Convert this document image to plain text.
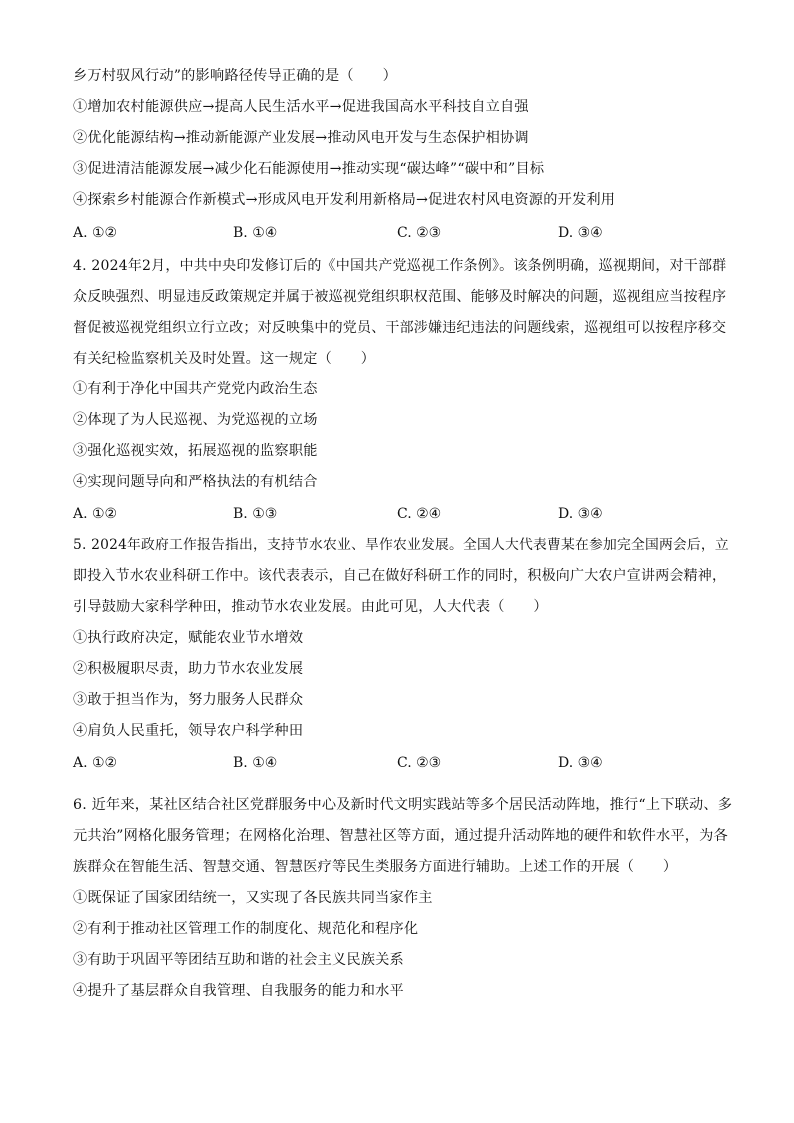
乡万村驭风行动”的影响路径传导正确的是（　　）
①增加农村能源供应→提高人民生活水平→促进我国高水平科技自立自强
②优化能源结构→推动新能源产业发展→推动风电开发与生态保护相协调
③促进清洁能源发展→减少化石能源使用→推动实现“碳达峰”“碳中和”目标
④探索乡村能源合作新模式→形成风电开发利用新格局→促进农村风电资源的开发利用
A. ①②	B. ①④	C. ②③	D. ③④
4. 2024年2月，中共中央印发修订后的《中国共产党巡视工作条例》。该条例明确，巡视期间，对干部群
众反映强烈、明显违反政策规定并属于被巡视党组织职权范围、能够及时解决的问题，巡视组应当按程序
督促被巡视党组织立行立改；对反映集中的党员、干部涉嫌违纪违法的问题线索，巡视组可以按程序移交
有关纪检监察机关及时处置。这一规定（　　）
①有利于净化中国共产党党内政治生态
②体现了为人民巡视、为党巡视的立场
③强化巡视实效，拓展巡视的监察职能
④实现问题导向和严格执法的有机结合
A. ①②	B. ①③	C. ②④	D. ③④
5. 2024年政府工作报告指出，支持节水农业、旱作农业发展。全国人大代表曹某在参加完全国两会后，立
即投入节水农业科研工作中。该代表表示，自己在做好科研工作的同时，积极向广大农户宣讲两会精神，
引导鼓励大家科学种田，推动节水农业发展。由此可见，人大代表（　　）
①执行政府决定，赋能农业节水增效
②积极履职尽责，助力节水农业发展
③敢于担当作为，努力服务人民群众
④肩负人民重托，领导农户科学种田
A. ①②	B. ①④	C. ②③	D. ③④
6. 近年来，某社区结合社区党群服务中心及新时代文明实践站等多个居民活动阵地，推行“上下联动、多
元共治”网格化服务管理；在网格化治理、智慧社区等方面，通过提升活动阵地的硬件和软件水平，为各
族群众在智能生活、智慧交通、智慧医疗等民生类服务方面进行辅助。上述工作的开展（　　）
①既保证了国家团结统一，又实现了各民族共同当家作主
②有利于推动社区管理工作的制度化、规范化和程序化
③有助于巩固平等团结互助和谐的社会主义民族关系
④提升了基层群众自我管理、自我服务的能力和水平
